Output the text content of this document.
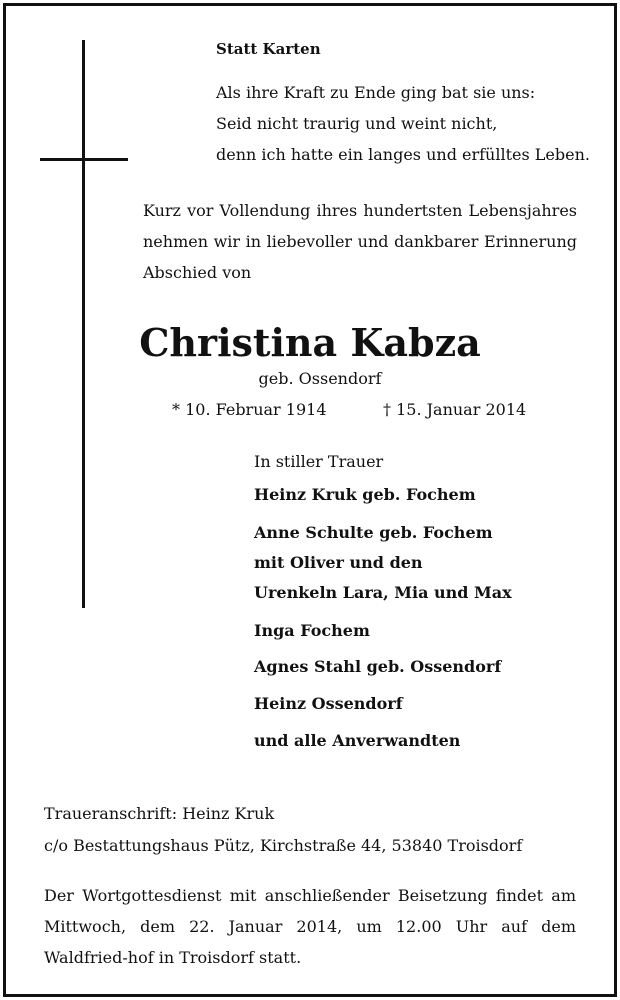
Statt Karten
Als ihre Kraft zu Ende ging bat sie uns:
Seid nicht traurig und weint nicht,
denn ich hatte ein langes und erfülltes Leben.
Kurz vor Vollendung ihres hundertsten Lebensjahres nehmen wir in liebevoller und dankbarer Erinnerung Abschied von
Christina Kabza
geb. Ossendorf
* 10. Februar 1914	† 15. Januar 2014
In stiller Trauer
Heinz Kruk geb. Fochem
Anne Schulte geb. Fochem
mit Oliver und den
Urenkeln Lara, Mia und Max
Inga Fochem
Agnes Stahl geb. Ossendorf
Heinz Ossendorf
und alle Anverwandten
Traueranschrift: Heinz Kruk
c/o Bestattungshaus Pütz, Kirchstraße 44, 53840 Troisdorf
Der Wortgottesdienst mit anschließender Beisetzung findet am Mittwoch, dem 22. Januar 2014, um 12.00 Uhr auf dem Waldfried-hof in Troisdorf statt.
